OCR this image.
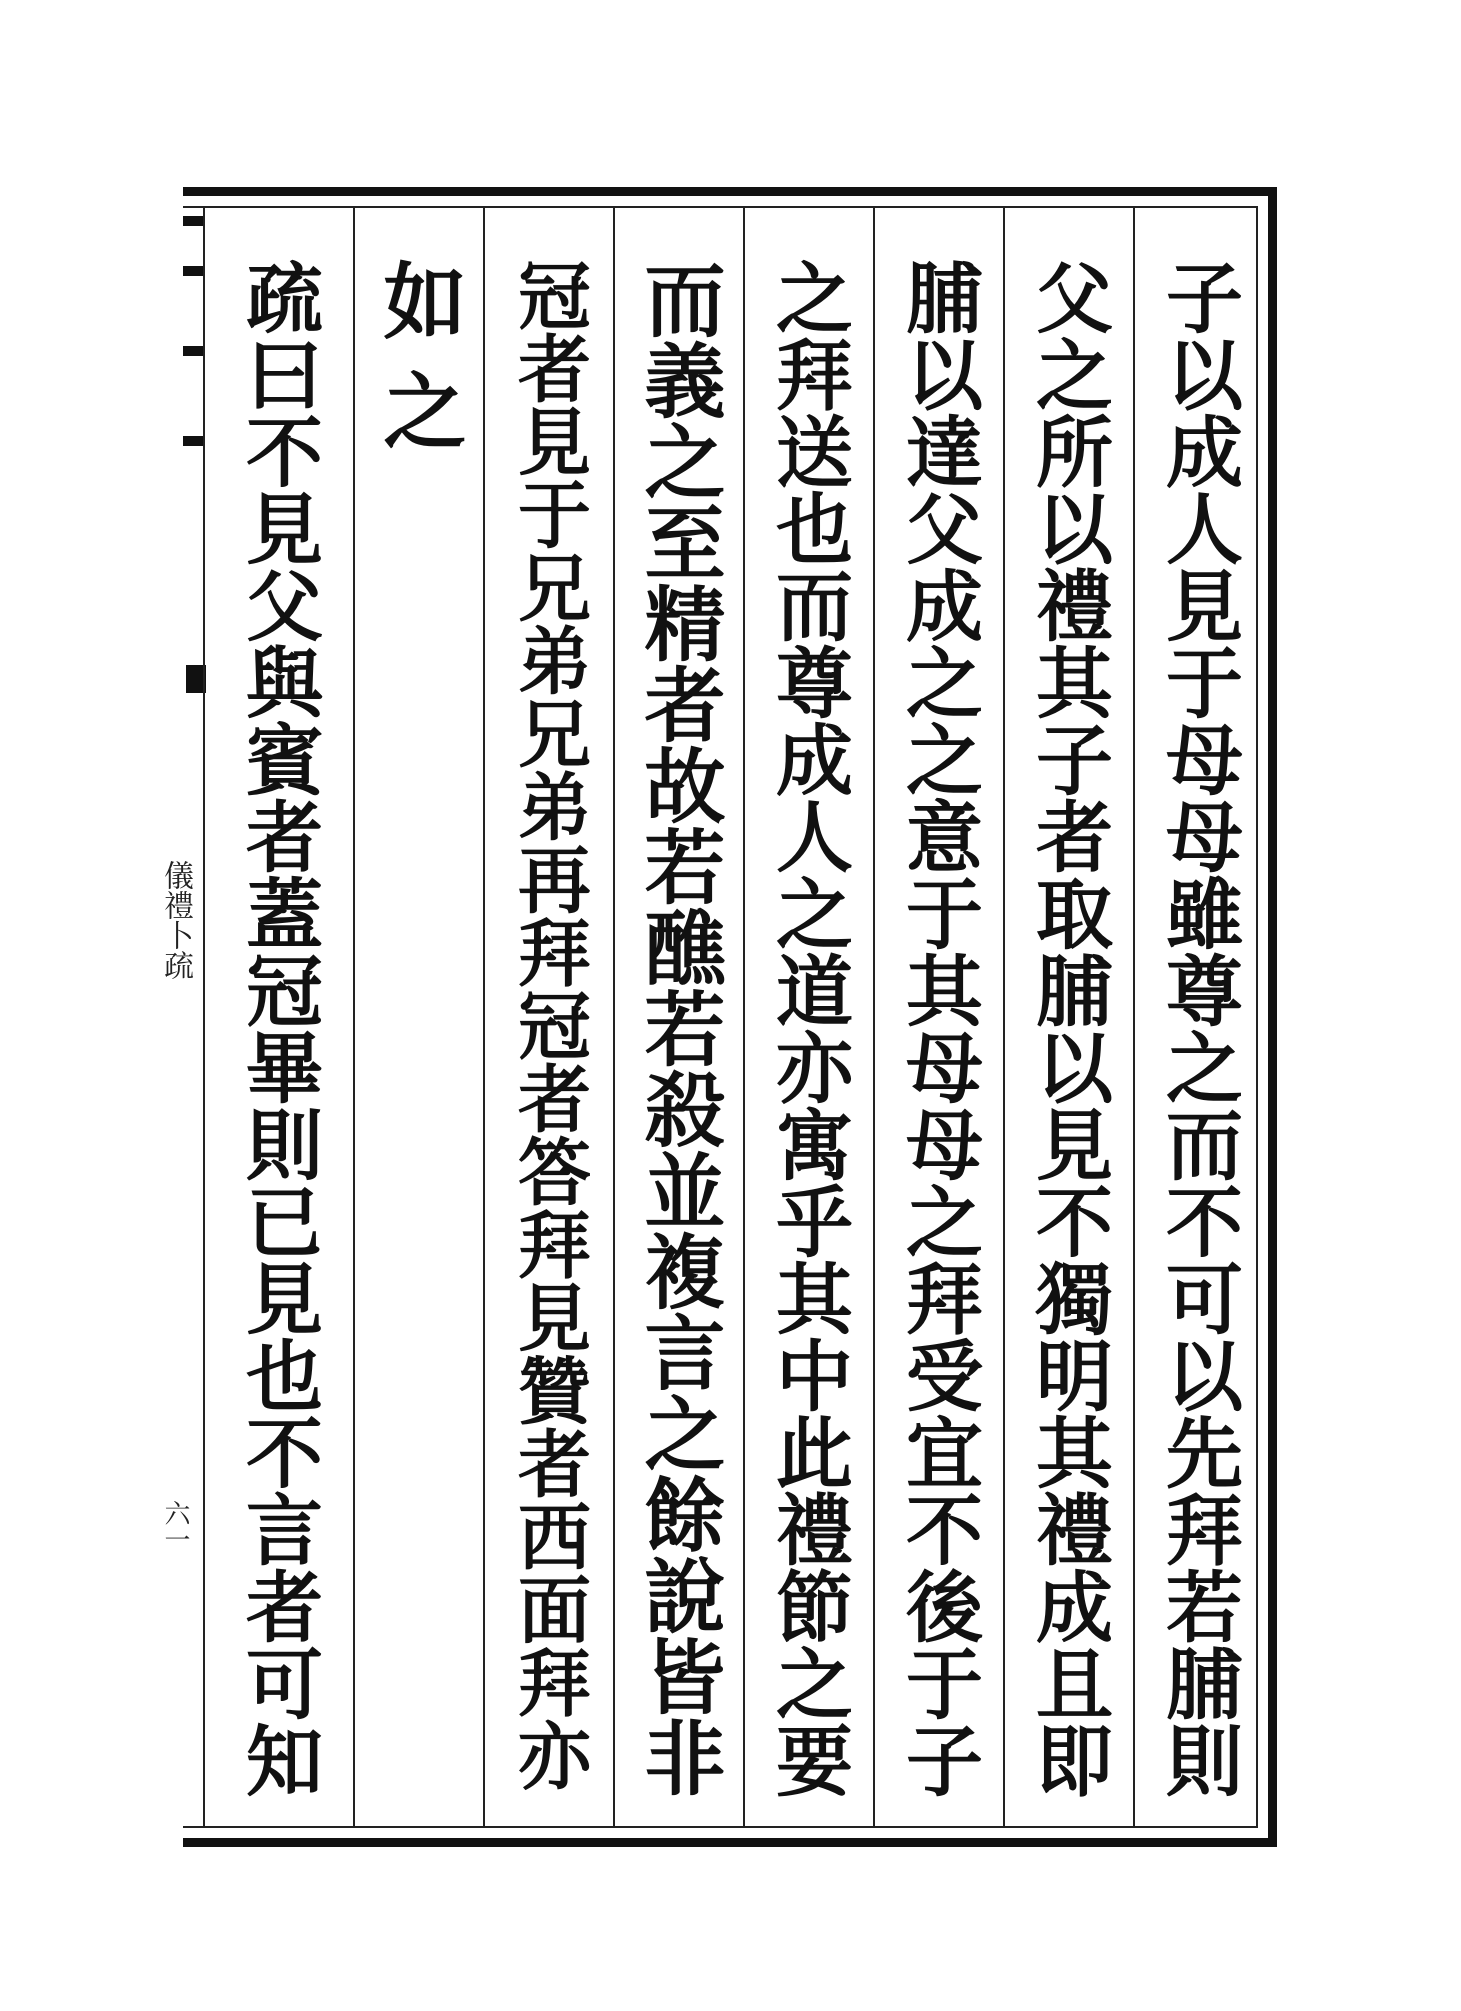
儀禮卜疏
六一	子以成人見于母母雖尊之而不可以先拜若脯則
父之所以禮其子者取脯以見不獨明其禮成且即
脯以達父成之之意于其母母之拜受宜不後于子
之拜送也而尊成人之道亦寓乎其中此禮節之要
而義之至精者故若醮若殺並複言之餘說皆非
冠者見于兄弟兄弟再拜冠者答拜見贊者西面拜亦
如之
疏曰不見父與賓者蓋冠畢則已見也不言者可知
